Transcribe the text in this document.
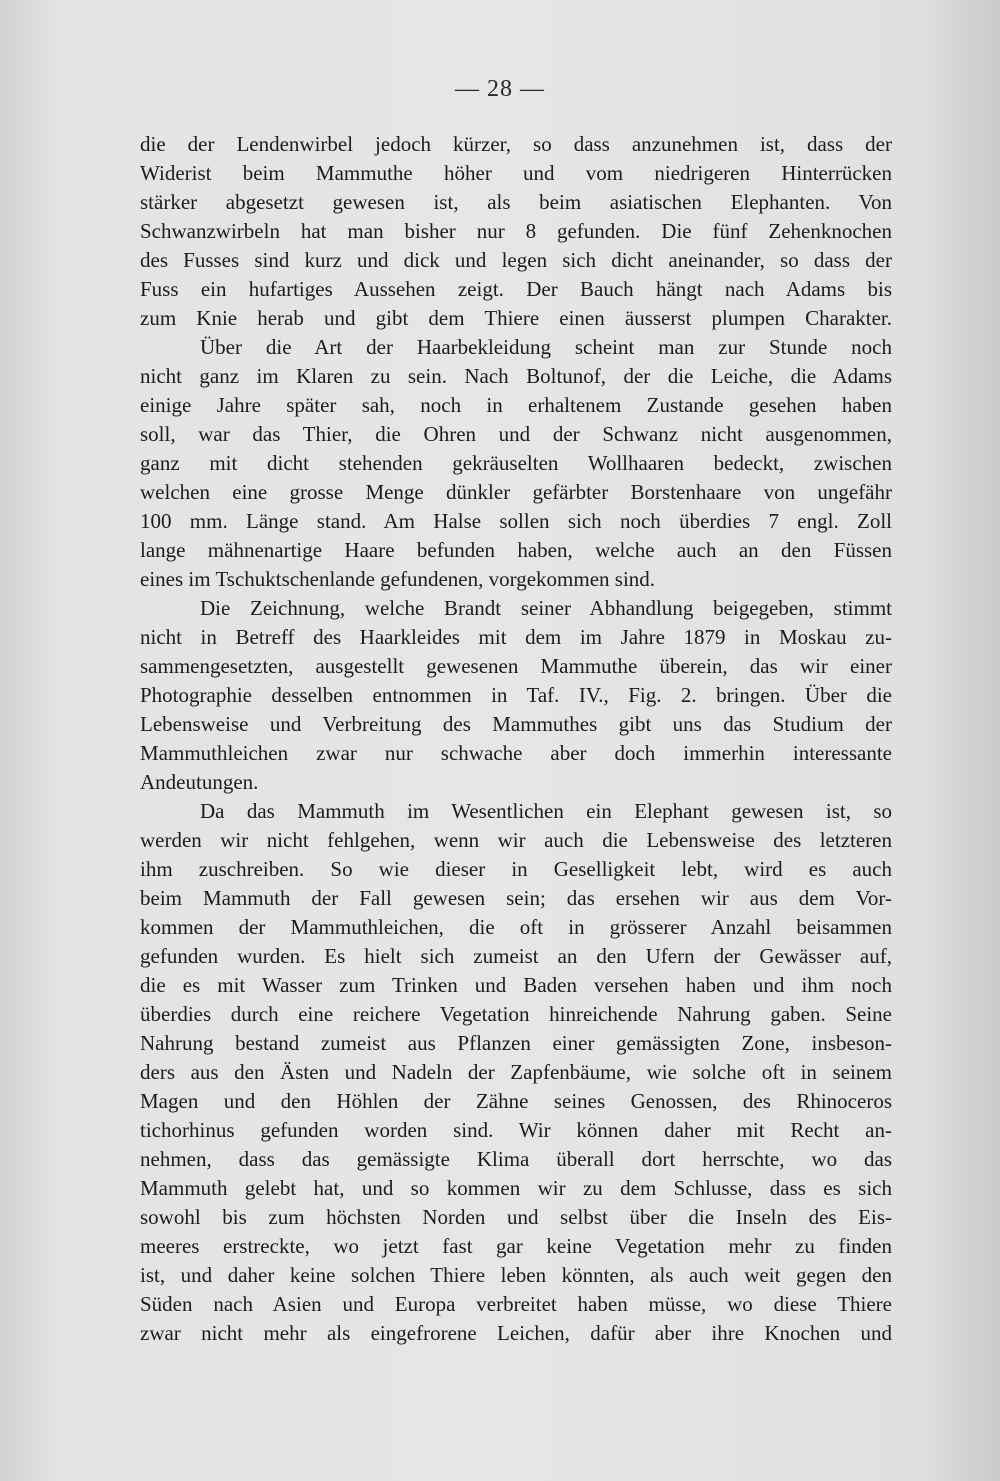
— 28 —
die der Lendenwirbel jedoch kürzer, so dass anzunehmen ist, dass der
Widerist beim Mammuthe höher und vom niedrigeren Hinterrücken
stärker abgesetzt gewesen ist, als beim asiatischen Elephanten. Von
Schwanzwirbeln hat man bisher nur 8 gefunden. Die fünf Zehenknochen
des Fusses sind kurz und dick und legen sich dicht aneinander, so dass der
Fuss ein hufartiges Aussehen zeigt. Der Bauch hängt nach Adams bis
zum Knie herab und gibt dem Thiere einen äusserst plumpen Charakter.
Über die Art der Haarbekleidung scheint man zur Stunde noch
nicht ganz im Klaren zu sein. Nach Boltunof, der die Leiche, die Adams
einige Jahre später sah, noch in erhaltenem Zustande gesehen haben
soll, war das Thier, die Ohren und der Schwanz nicht ausgenommen,
ganz mit dicht stehenden gekräuselten Wollhaaren bedeckt, zwischen
welchen eine grosse Menge dünkler gefärbter Borstenhaare von ungefähr
100 mm. Länge stand. Am Halse sollen sich noch überdies 7 engl. Zoll
lange mähnenartige Haare befunden haben, welche auch an den Füssen
eines im Tschuktschenlande gefundenen, vorgekommen sind.
Die Zeichnung, welche Brandt seiner Abhandlung beigegeben, stimmt
nicht in Betreff des Haarkleides mit dem im Jahre 1879 in Moskau zu-
sammengesetzten, ausgestellt gewesenen Mammuthe überein, das wir einer
Photographie desselben entnommen in Taf. IV., Fig. 2. bringen. Über die
Lebensweise und Verbreitung des Mammuthes gibt uns das Studium der
Mammuthleichen zwar nur schwache aber doch immerhin interessante
Andeutungen.
Da das Mammuth im Wesentlichen ein Elephant gewesen ist, so
werden wir nicht fehlgehen, wenn wir auch die Lebensweise des letzteren
ihm zuschreiben. So wie dieser in Geselligkeit lebt, wird es auch
beim Mammuth der Fall gewesen sein; das ersehen wir aus dem Vor-
kommen der Mammuthleichen, die oft in grösserer Anzahl beisammen
gefunden wurden. Es hielt sich zumeist an den Ufern der Gewässer auf,
die es mit Wasser zum Trinken und Baden versehen haben und ihm noch
überdies durch eine reichere Vegetation hinreichende Nahrung gaben. Seine
Nahrung bestand zumeist aus Pflanzen einer gemässigten Zone, insbeson-
ders aus den Ästen und Nadeln der Zapfenbäume, wie solche oft in seinem
Magen und den Höhlen der Zähne seines Genossen, des Rhinoceros
tichorhinus gefunden worden sind. Wir können daher mit Recht an-
nehmen, dass das gemässigte Klima überall dort herrschte, wo das
Mammuth gelebt hat, und so kommen wir zu dem Schlusse, dass es sich
sowohl bis zum höchsten Norden und selbst über die Inseln des Eis-
meeres erstreckte, wo jetzt fast gar keine Vegetation mehr zu finden
ist, und daher keine solchen Thiere leben könnten, als auch weit gegen den
Süden nach Asien und Europa verbreitet haben müsse, wo diese Thiere
zwar nicht mehr als eingefrorene Leichen, dafür aber ihre Knochen und
